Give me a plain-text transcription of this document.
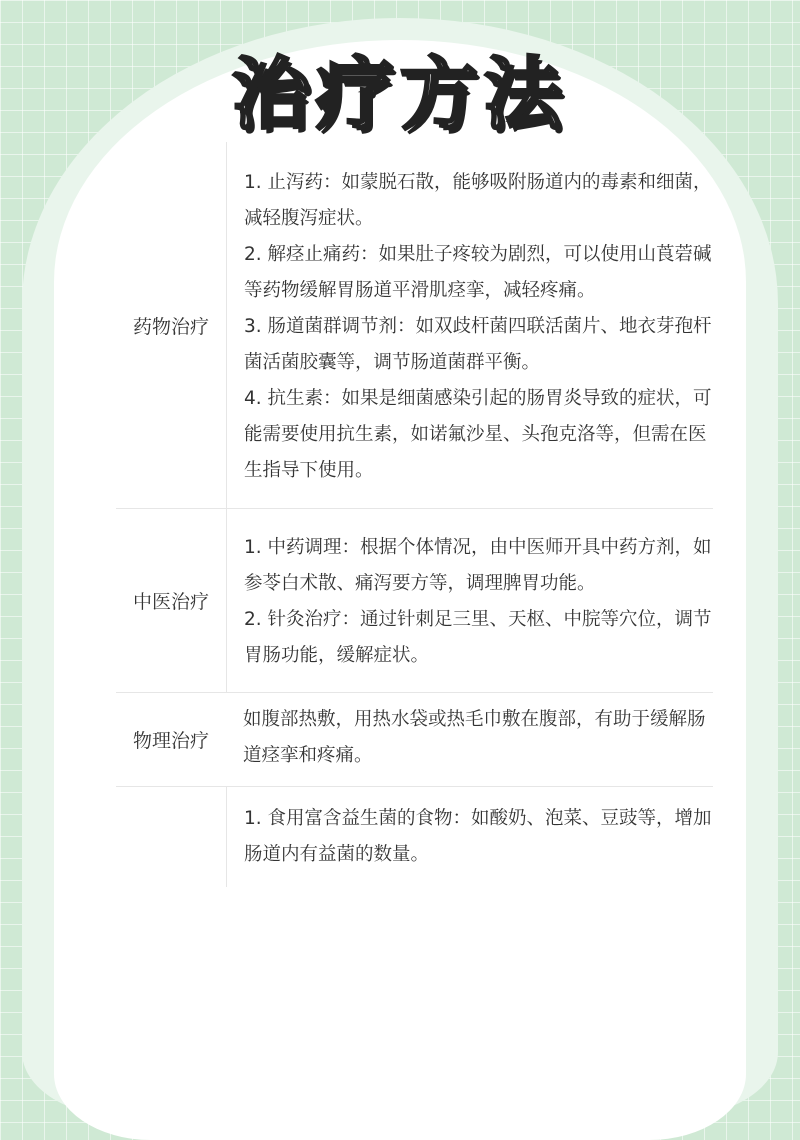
治疗方法
药物治疗
1. 止泻药：如蒙脱石散，能够吸附肠道内的毒素和细菌，
减轻腹泻症状。
2. 解痉止痛药：如果肚子疼较为剧烈，可以使用山莨菪碱
等药物缓解胃肠道平滑肌痉挛，减轻疼痛。
3. 肠道菌群调节剂：如双歧杆菌四联活菌片、地衣芽孢杆
菌活菌胶囊等，调节肠道菌群平衡。
4. 抗生素：如果是细菌感染引起的肠胃炎导致的症状，可
能需要使用抗生素，如诺氟沙星、头孢克洛等，但需在医
生指导下使用。
中医治疗
1. 中药调理：根据个体情况，由中医师开具中药方剂，如
参苓白术散、痛泻要方等，调理脾胃功能。
2. 针灸治疗：通过针刺足三里、天枢、中脘等穴位，调节
胃肠功能，缓解症状。
物理治疗
如腹部热敷，用热水袋或热毛巾敷在腹部，有助于缓解肠
道痉挛和疼痛。
1. 食用富含益生菌的食物：如酸奶、泡菜、豆豉等，增加
肠道内有益菌的数量。
